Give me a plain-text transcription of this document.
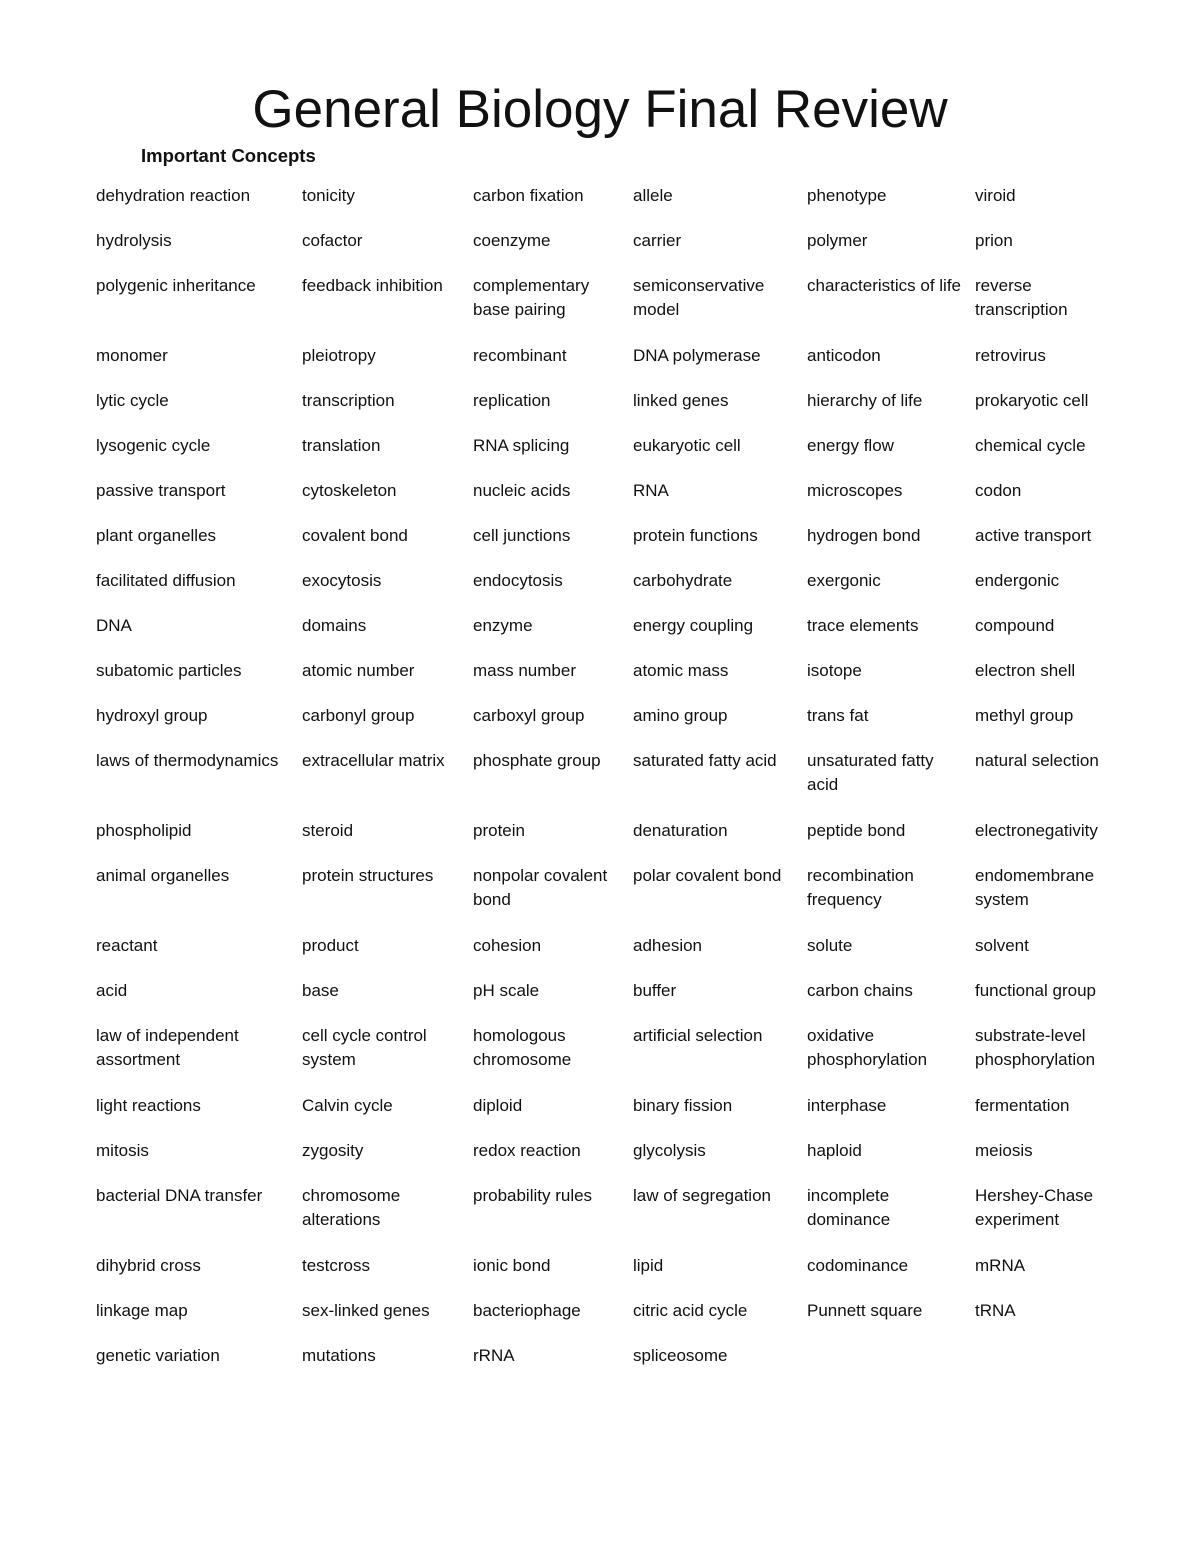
General Biology Final Review
Important Concepts
dehydration reaction	tonicity	carbon fixation	allele	phenotype	viroid
hydrolysis	cofactor	coenzyme	carrier	polymer	prion
polygenic inheritance	feedback inhibition	complementary base pairing	semiconservative model	characteristics of life	reverse transcription
monomer	pleiotropy	recombinant	DNA polymerase	anticodon	retrovirus
lytic cycle	transcription	replication	linked genes	hierarchy of life	prokaryotic cell
lysogenic cycle	translation	RNA splicing	eukaryotic cell	energy flow	chemical cycle
passive transport	cytoskeleton	nucleic acids	RNA	microscopes	codon
plant organelles	covalent bond	cell junctions	protein functions	hydrogen bond	active transport
facilitated diffusion	exocytosis	endocytosis	carbohydrate	exergonic	endergonic
DNA	domains	enzyme	energy coupling	trace elements	compound
subatomic particles	atomic number	mass number	atomic mass	isotope	electron shell
hydroxyl group	carbonyl group	carboxyl group	amino group	trans fat	methyl group
laws of thermodynamics	extracellular matrix	phosphate group	saturated fatty acid	unsaturated fatty acid	natural selection
phospholipid	steroid	protein	denaturation	peptide bond	electronegativity
animal organelles	protein structures	nonpolar covalent bond	polar covalent bond	recombination frequency	endomembrane system
reactant	product	cohesion	adhesion	solute	solvent
acid	base	pH scale	buffer	carbon chains	functional group
law of independent assortment	cell cycle control system	homologous chromosome	artificial selection	oxidative phosphorylation	substrate-level phosphorylation
light reactions	Calvin cycle	diploid	binary fission	interphase	fermentation
mitosis	zygosity	redox reaction	glycolysis	haploid	meiosis
bacterial DNA transfer	chromosome alterations	probability rules	law of segregation	incomplete dominance	Hershey-Chase experiment
dihybrid cross	testcross	ionic bond	lipid	codominance	mRNA
linkage map	sex-linked genes	bacteriophage	citric acid cycle	Punnett square	tRNA
genetic variation	mutations	rRNA	spliceosome		
